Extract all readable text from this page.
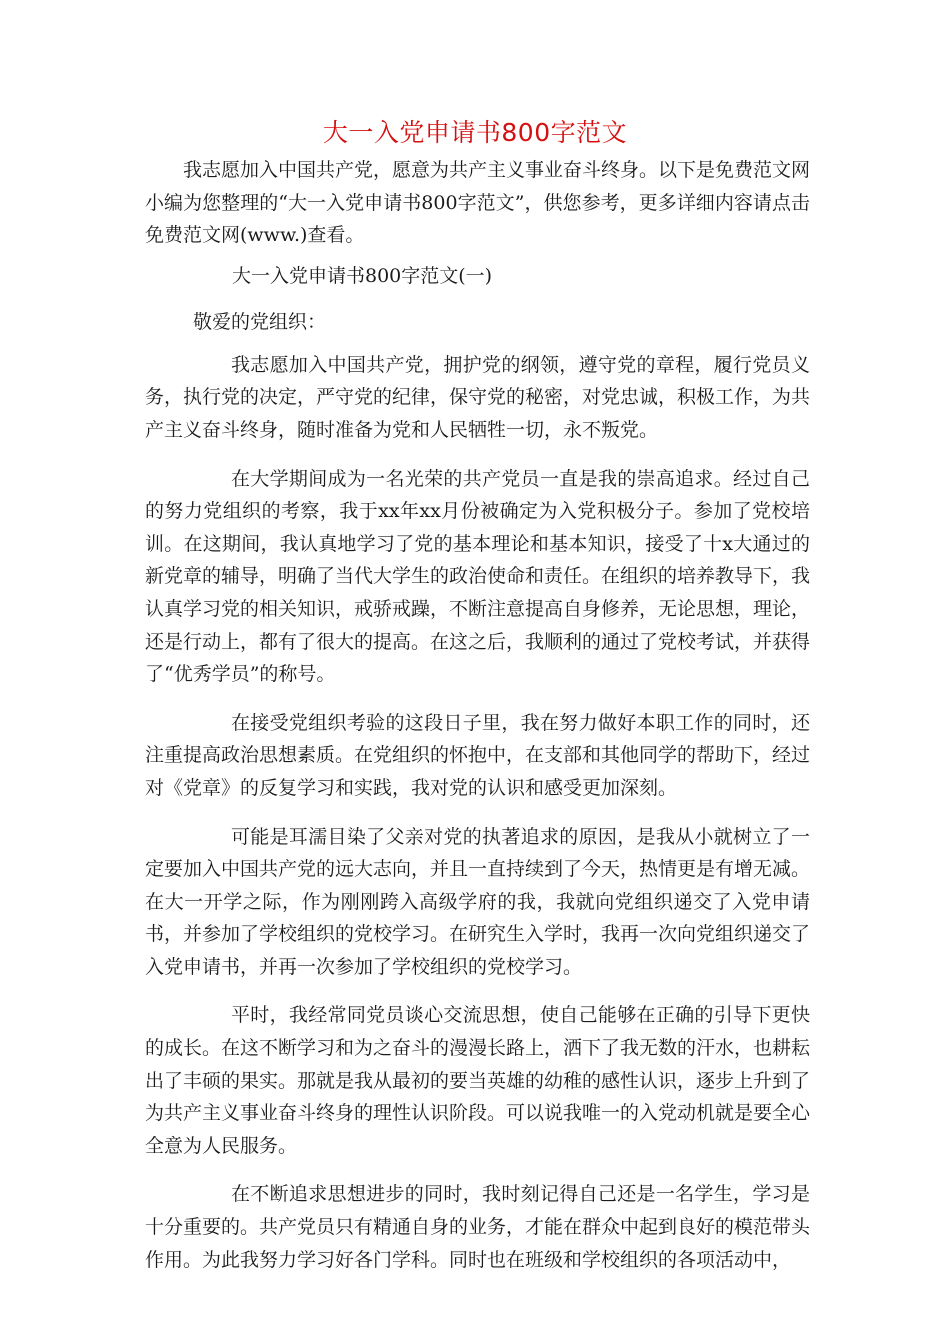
大一入党申请书800字范文

我志愿加入中国共产党，愿意为共产主义事业奋斗终身。以下是免费范文网小编为您整理的“大一入党申请书800字范文”，供您参考，更多详细内容请点击免费范文网(www.)查看。

大一入党申请书800字范文(一)

敬爱的党组织：

我志愿加入中国共产党，拥护党的纲领，遵守党的章程，履行党员义务，执行党的决定，严守党的纪律，保守党的秘密，对党忠诚，积极工作，为共产主义奋斗终身，随时准备为党和人民牺牲一切，永不叛党。

在大学期间成为一名光荣的共产党员一直是我的崇高追求。经过自己的努力党组织的考察，我于xx年xx月份被确定为入党积极分子。参加了党校培训。在这期间，我认真地学习了党的基本理论和基本知识，接受了十x大通过的新党章的辅导，明确了当代大学生的政治使命和责任。在组织的培养教导下，我认真学习党的相关知识，戒骄戒躁，不断注意提高自身修养，无论思想，理论，还是行动上，都有了很大的提高。在这之后，我顺利的通过了党校考试，并获得了“优秀学员”的称号。

在接受党组织考验的这段日子里，我在努力做好本职工作的同时，还注重提高政治思想素质。在党组织的怀抱中，在支部和其他同学的帮助下，经过对《党章》的反复学习和实践，我对党的认识和感受更加深刻。

可能是耳濡目染了父亲对党的执著追求的原因，是我从小就树立了一定要加入中国共产党的远大志向，并且一直持续到了今天，热情更是有增无减。在大一开学之际，作为刚刚跨入高级学府的我，我就向党组织递交了入党申请书，并参加了学校组织的党校学习。在研究生入学时，我再一次向党组织递交了入党申请书，并再一次参加了学校组织的党校学习。

平时，我经常同党员谈心交流思想，使自己能够在正确的引导下更快的成长。在这不断学习和为之奋斗的漫漫长路上，洒下了我无数的汗水，也耕耘出了丰硕的果实。那就是我从最初的要当英雄的幼稚的感性认识，逐步上升到了为共产主义事业奋斗终身的理性认识阶段。可以说我唯一的入党动机就是要全心全意为人民服务。

在不断追求思想进步的同时，我时刻记得自己还是一名学生，学习是十分重要的。共产党员只有精通自身的业务，才能在群众中起到良好的模范带头作用。为此我努力学习好各门学科。同时也在班级和学校组织的各项活动中，
